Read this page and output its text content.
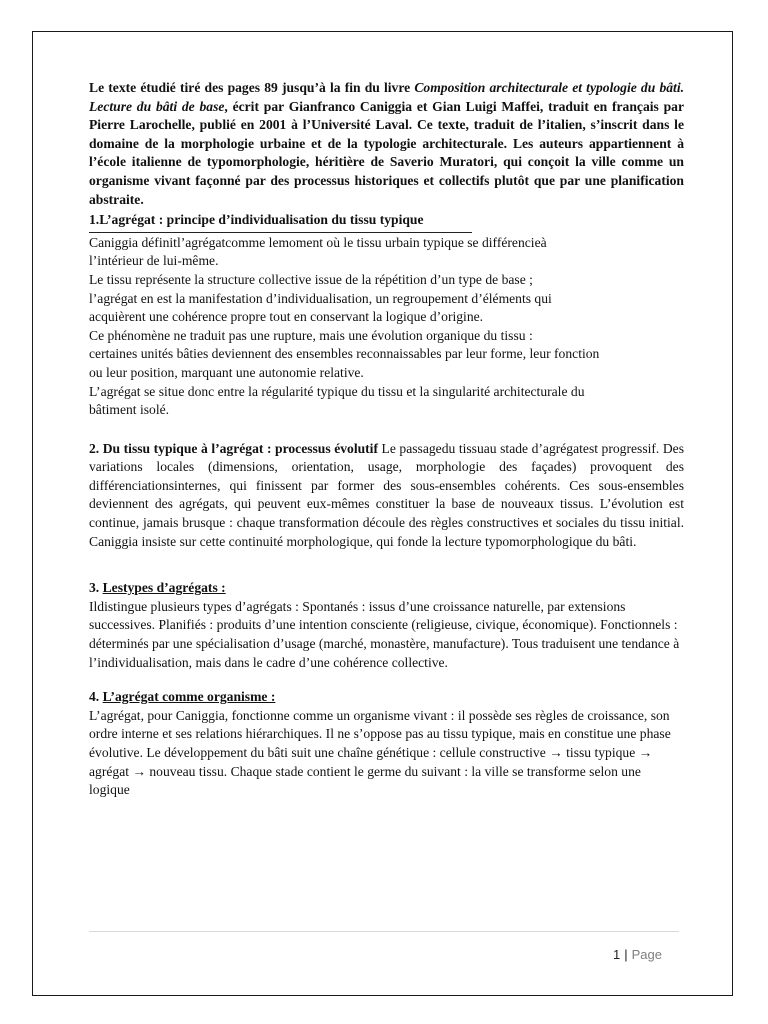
Le texte étudié tiré des pages 89 jusqu’à la fin du livre Composition architecturale et typologie du bâti. Lecture du bâti de base, écrit par Gianfranco Caniggia et Gian Luigi Maffei, traduit en français par Pierre Larochelle, publié en 2001 à l’Université Laval. Ce texte, traduit de l’italien, s’inscrit dans le domaine de la morphologie urbaine et de la typologie architecturale. Les auteurs appartiennent à l’école italienne de typomorphologie, héritière de Saverio Muratori, qui conçoit la ville comme un organisme vivant façonné par des processus historiques et collectifs plutôt que par une planification abstraite.

1.L’agrégat : principe d’individualisation du tissu typique

Caniggia définitl’agrégatcomme lemoment où le tissu urbain typique se différencieà

l’intérieur de lui-même.

Le tissu représente la structure collective issue de la répétition d’un type de base ;

l’agrégat en est la manifestation d’individualisation, un regroupement d’éléments qui

acquièrent une cohérence propre tout en conservant la logique d’origine.

Ce phénomène ne traduit pas une rupture, mais une évolution organique du tissu :

certaines unités bâties deviennent des ensembles reconnaissables par leur forme, leur fonction

ou leur position, marquant une autonomie relative.

L’agrégat se situe donc entre la régularité typique du tissu et la singularité architecturale du

bâtiment isolé.

2. Du tissu typique à l’agrégat : processus évolutif Le passagedu tissuau stade d’agrégatest progressif. Des variations locales (dimensions, orientation, usage, morphologie des façades) provoquent des différenciationsinternes, qui finissent par former des sous-ensembles cohérents. Ces sous-ensembles deviennent des agrégats, qui peuvent eux-mêmes constituer la base de nouveaux tissus. L’évolution est continue, jamais brusque : chaque transformation découle des règles constructives et sociales du tissu initial. Caniggia insiste sur cette continuité morphologique, qui fonde la lecture typomorphologique du bâti.

3. Lestypes d’agrégats :

Ildistingue plusieurs types d’agrégats : Spontanés : issus d’une croissance naturelle, par extensions successives. Planifiés : produits d’une intention consciente (religieuse, civique, économique). Fonctionnels : déterminés par une spécialisation d’usage (marché, monastère, manufacture). Tous traduisent une tendance à l’individualisation, mais dans le cadre d’une cohérence collective.

4. L’agrégat comme organisme :

L’agrégat, pour Caniggia, fonctionne comme un organisme vivant : il possède ses règles de croissance, son ordre interne et ses relations hiérarchiques. Il ne s’oppose pas au tissu typique, mais en constitue une phase évolutive. Le développement du bâti suit une chaîne génétique : cellule constructive → tissu typique → agrégat → nouveau tissu. Chaque stade contient le germe du suivant : la ville se transforme selon une logique

1 | Page
